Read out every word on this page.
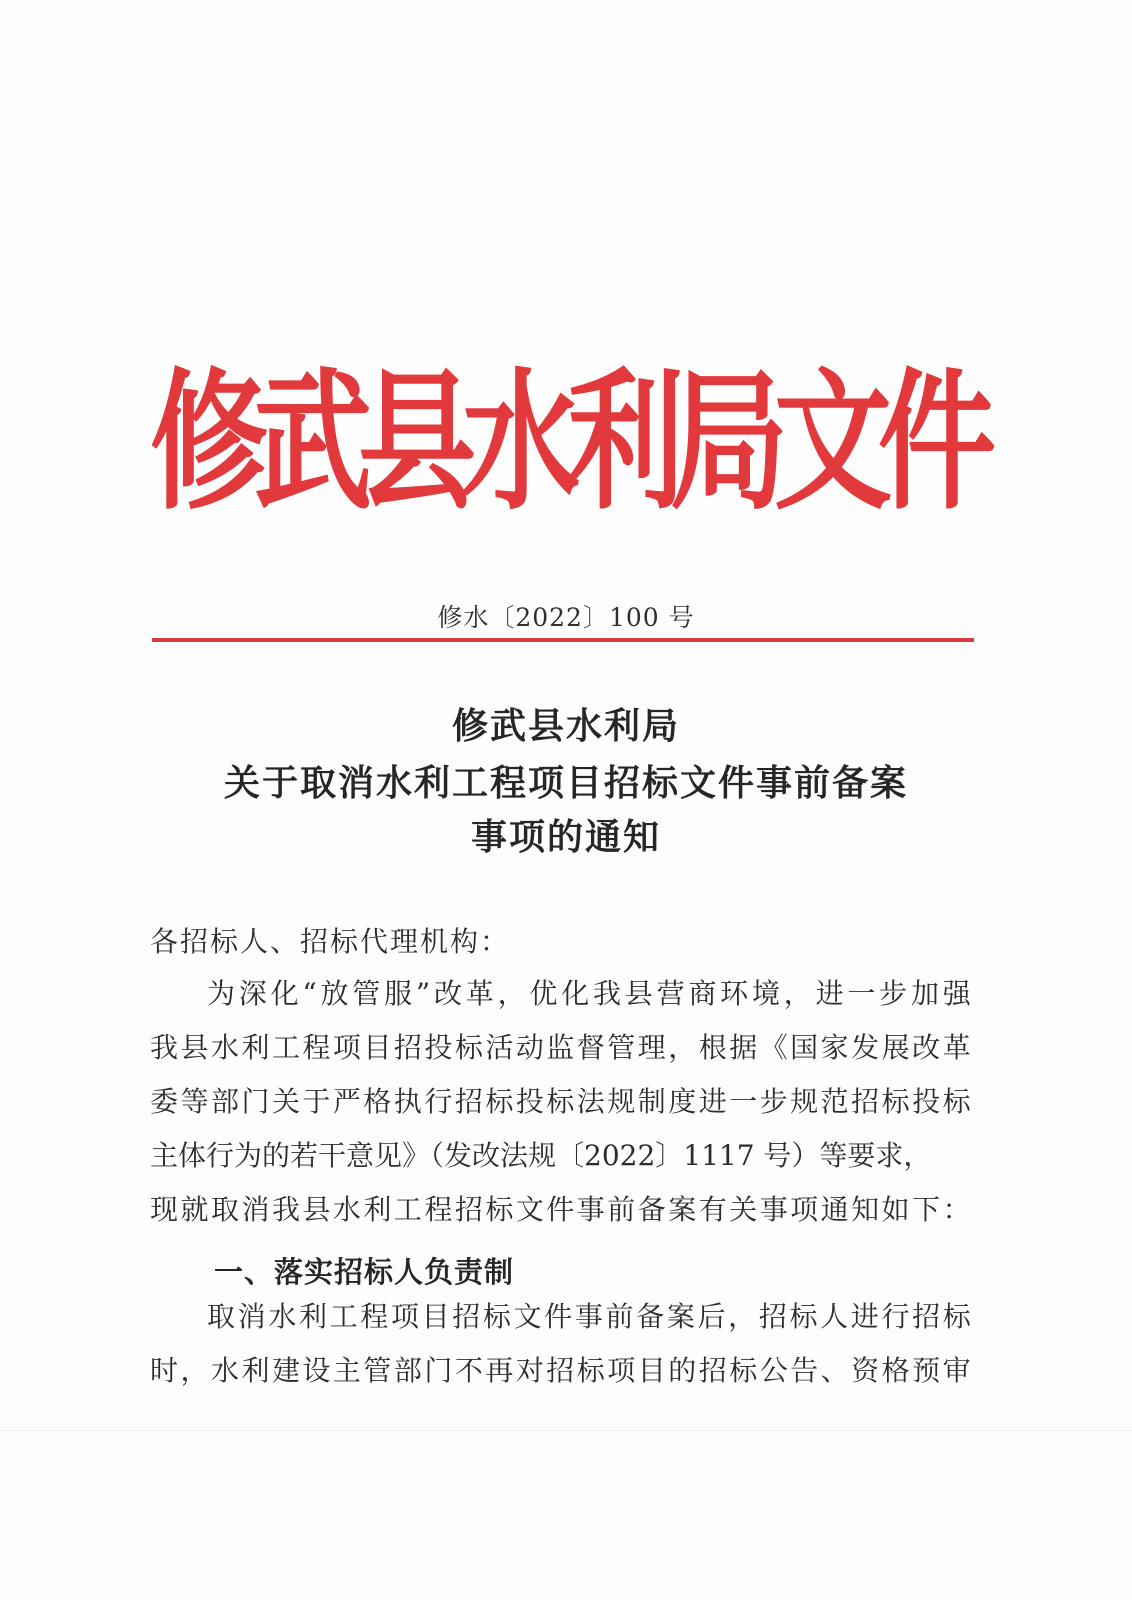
修
武
县
水
利
局
文
件
修水〔2022〕100 号
修武县水利局
关于取消水利工程项目招标文件事前备案
事项的通知
各招标人、招标代理机构：
为 深 化 “ 放 管 服 ” 改 革 ， 优 化 我 县 营 商 环 境 ， 进 一 步 加 强
我 县 水 利 工 程 项 目 招 投 标 活 动 监 督 管 理 ， 根 据 《 国 家 发 展 改 革
委 等 部 门 关 于 严 格 执 行 招 标 投 标 法 规 制 度 进 一 步 规 范 招 标 投 标
主体行为的若干意见》（发改法规〔2022〕1117 号）等要求，
现 就 取 消 我 县 水 利 工 程 招 标 文 件 事 前 备 案 有 关 事 项 通 知 如 下 ：
一、落实招标人负责制
取 消 水 利 工 程 项 目 招 标 文 件 事 前 备 案 后 ， 招 标 人 进 行 招 标
时 ， 水 利 建 设 主 管 部 门 不 再 对 招 标 项 目 的 招 标 公 告 、 资 格 预 审
